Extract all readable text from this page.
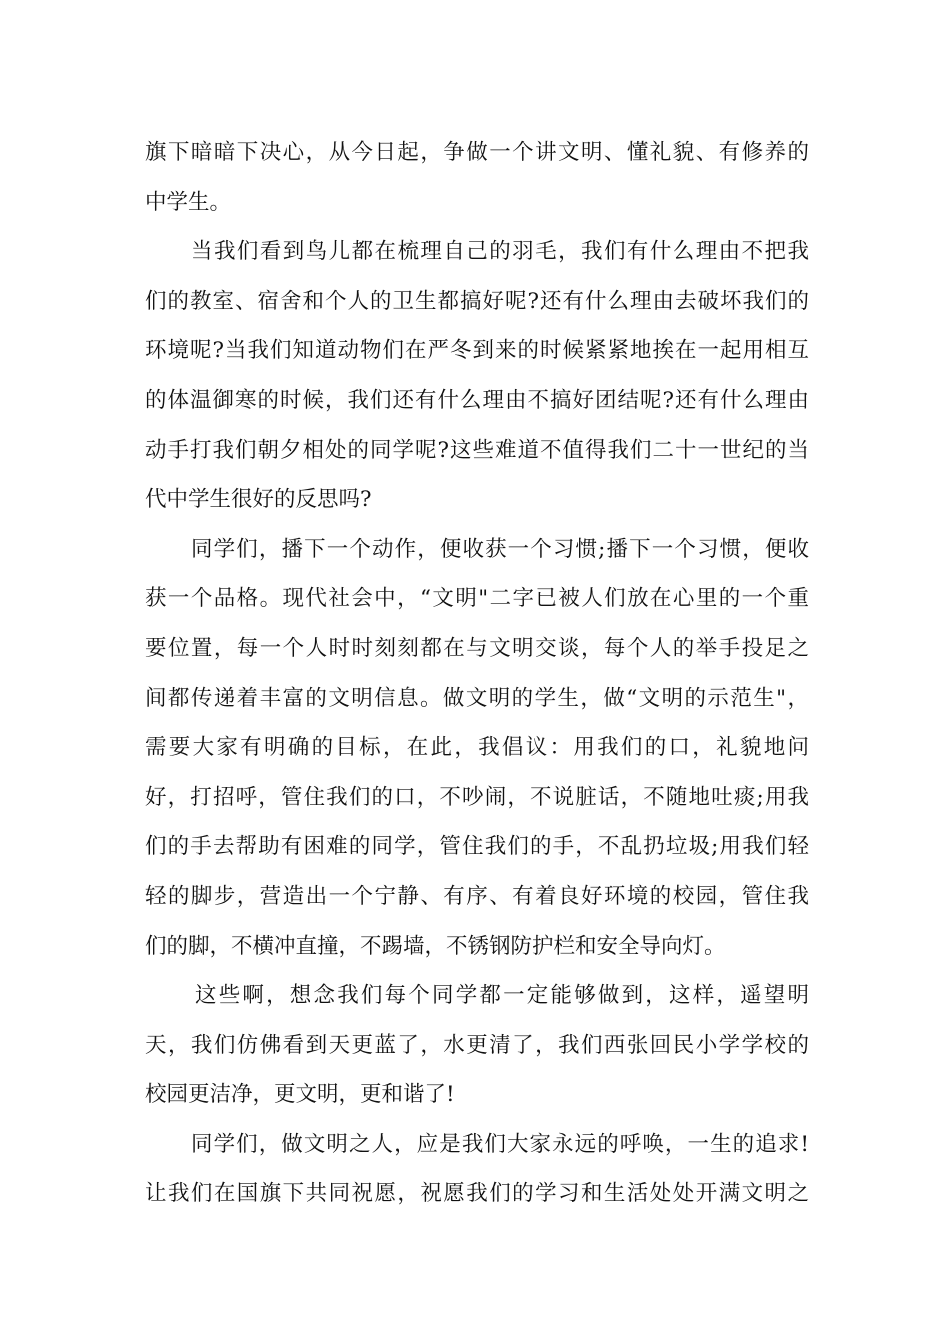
旗下暗暗下决心，从今日起，争做一个讲文明、懂礼貌、有修养的
中学生。
当我们看到鸟儿都在梳理自己的羽毛，我们有什么理由不把我
们的教室、宿舍和个人的卫生都搞好呢?还有什么理由去破坏我们的
环境呢?当我们知道动物们在严冬到来的时候紧紧地挨在一起用相互
的体温御寒的时候，我们还有什么理由不搞好团结呢?还有什么理由
动手打我们朝夕相处的同学呢?这些难道不值得我们二十一世纪的当
代中学生很好的反思吗?
同学们，播下一个动作，便收获一个习惯;播下一个习惯，便收
获一个品格。现代社会中，“文明"二字已被人们放在心里的一个重
要位置，每一个人时时刻刻都在与文明交谈，每个人的举手投足之
间都传递着丰富的文明信息。做文明的学生，做“文明的示范生"，
需要大家有明确的目标，在此，我倡议：用我们的口，礼貌地问
好，打招呼，管住我们的口，不吵闹，不说脏话，不随地吐痰;用我
们的手去帮助有困难的同学，管住我们的手，不乱扔垃圾;用我们轻
轻的脚步，营造出一个宁静、有序、有着良好环境的校园，管住我
们的脚，不横冲直撞，不踢墙，不锈钢防护栏和安全导向灯。
这些啊，想念我们每个同学都一定能够做到，这样，遥望明
天，我们仿佛看到天更蓝了，水更清了，我们西张回民小学学校的
校园更洁净，更文明，更和谐了!
同学们，做文明之人，应是我们大家永远的呼唤，一生的追求!
让我们在国旗下共同祝愿，祝愿我们的学习和生活处处开满文明之
